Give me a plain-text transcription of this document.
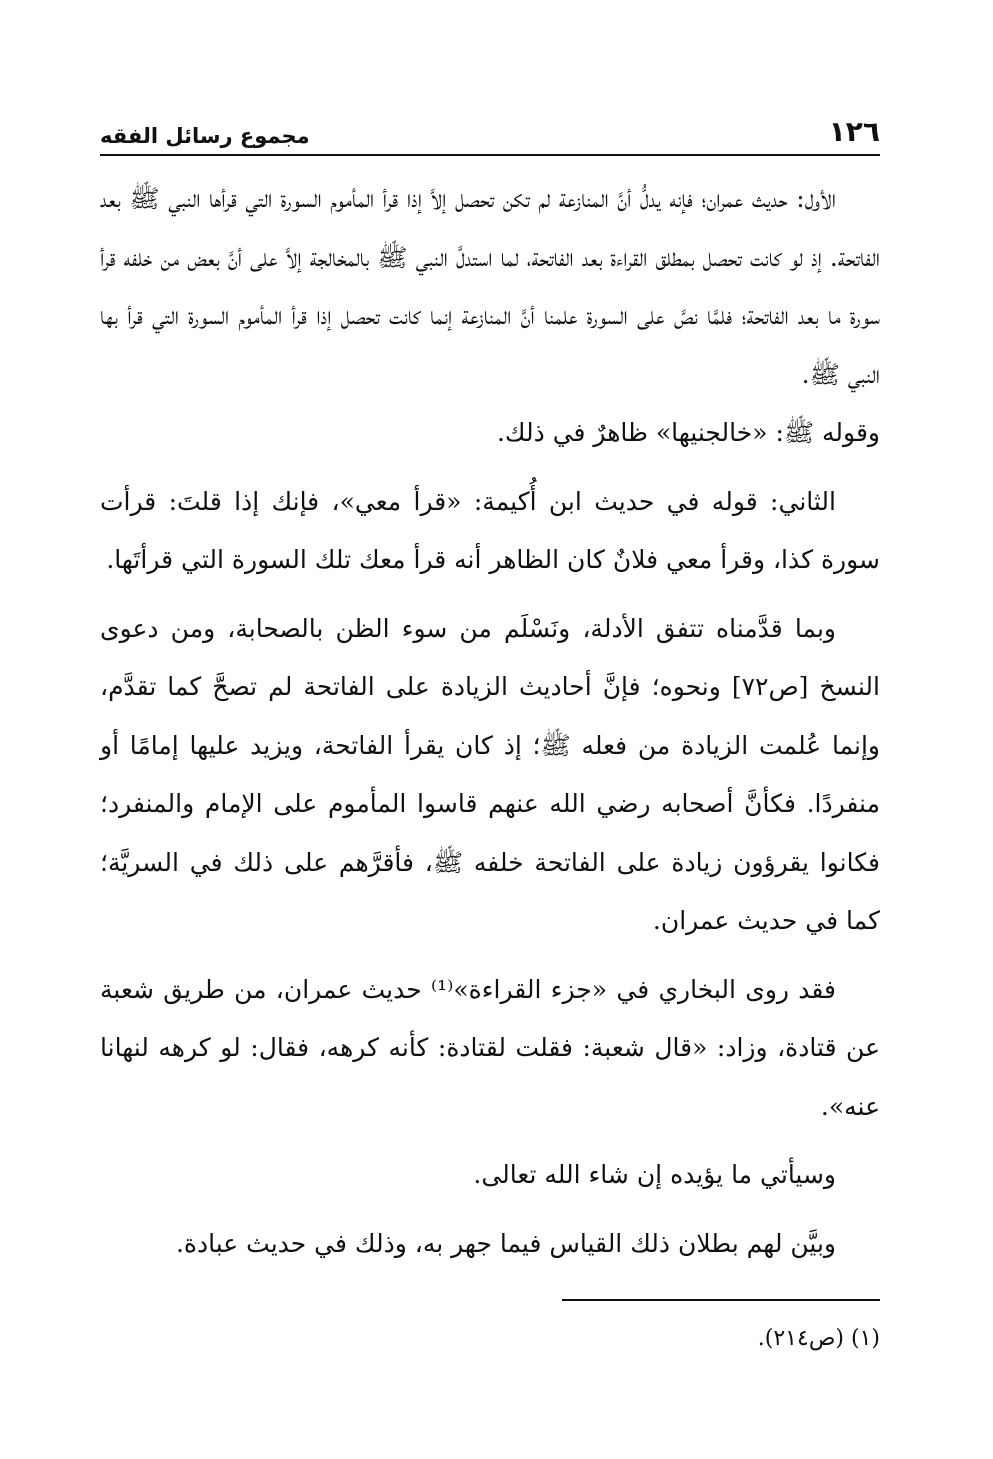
١٢٦
مجموع رسائل الفقه

الأول: حديث عمران؛ فإنه يدلُّ أنَّ المنازعة لم تكن تحصل إلاَّ إذا قرأ المأموم السورة التي قرأها النبي ﷺ بعد الفاتحة. إذ لو كانت تحصل بمطلق القراءة بعد الفاتحة، لما استدلَّ النبي ﷺ بالمخالجة إلاَّ على أنَّ بعض من خلفه قرأ سورة ما بعد الفاتحة؛ فلمَّا نصَّ على السورة علمنا أنَّ المنازعة إنما كانت تحصل إذا قرأ المأموم السورة التي قرأ بها النبي ﷺ.

وقوله ﷺ: «خالجنيها» ظاهرٌ في ذلك.

الثاني: قوله في حديث ابن أُكيمة: «قرأ معي»، فإنك إذا قلتَ: قرأت سورة كذا، وقرأ معي فلانٌ كان الظاهر أنه قرأ معك تلك السورة التي قرأتَها.

وبما قدَّمناه تتفق الأدلة، ونَسْلَم من سوء الظن بالصحابة، ومن دعوى النسخ [ص٧٢] ونحوه؛ فإنَّ أحاديث الزيادة على الفاتحة لم تصحَّ كما تقدَّم، وإنما عُلمت الزيادة من فعله ﷺ؛ إذ كان يقرأ الفاتحة، ويزيد عليها إمامًا أو منفردًا. فكأنَّ أصحابه رضي الله عنهم قاسوا المأموم على الإمام والمنفرد؛ فكانوا يقرؤون زيادة على الفاتحة خلفه ﷺ، فأقرَّهم على ذلك في السريَّة؛ كما في حديث عمران.

فقد روى البخاري في «جزء القراءة»⁽¹⁾ حديث عمران، من طريق شعبة عن قتادة، وزاد: «قال شعبة: فقلت لقتادة: كأنه كرهه، فقال: لو كرهه لنهانا عنه».

وسيأتي ما يؤيده إن شاء الله تعالى.

وبيَّن لهم بطلان ذلك القياس فيما جهر به، وذلك في حديث عبادة.

(١) (ص٢١٤).
